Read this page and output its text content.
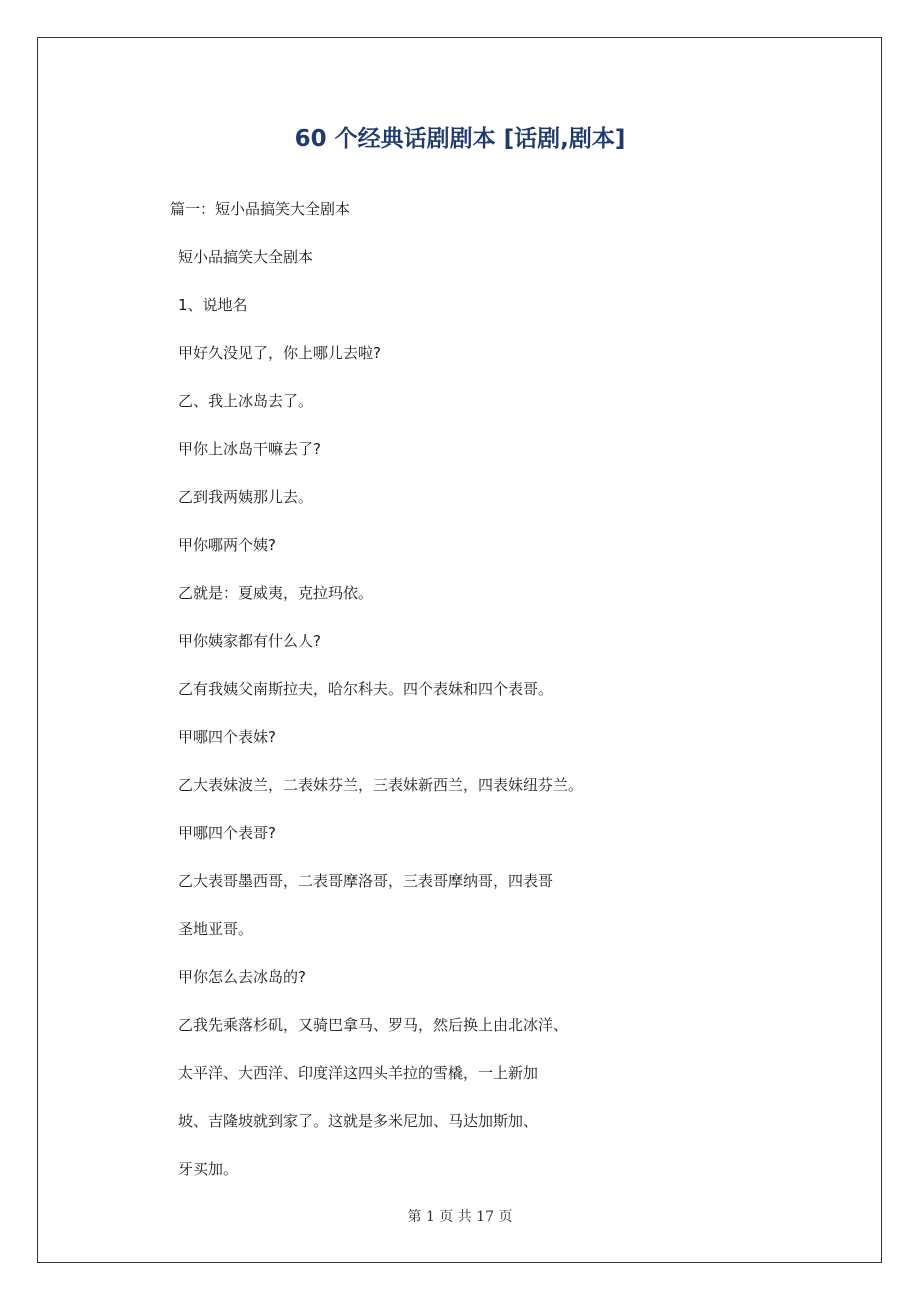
60 个经典话剧剧本 [话剧,剧本]
篇一：短小品搞笑大全剧本
短小品搞笑大全剧本
1、说地名
甲好久没见了，你上哪儿去啦?
乙、我上冰岛去了。
甲你上冰岛干嘛去了?
乙到我两姨那儿去。
甲你哪两个姨?
乙就是：夏威夷，克拉玛依。
甲你姨家都有什么人?
乙有我姨父南斯拉夫，哈尔科夫。四个表妹和四个表哥。
甲哪四个表妹?
乙大表妹波兰，二表妹芬兰，三表妹新西兰，四表妹纽芬兰。
甲哪四个表哥?
乙大表哥墨西哥，二表哥摩洛哥，三表哥摩纳哥，四表哥
圣地亚哥。
甲你怎么去冰岛的?
乙我先乘落杉矶，又骑巴拿马、罗马，然后换上由北冰洋、
太平洋、大西洋、印度洋这四头羊拉的雪橇，一上新加
坡、吉隆坡就到家了。这就是多米尼加、马达加斯加、
牙买加。
第 1 页 共 17 页
